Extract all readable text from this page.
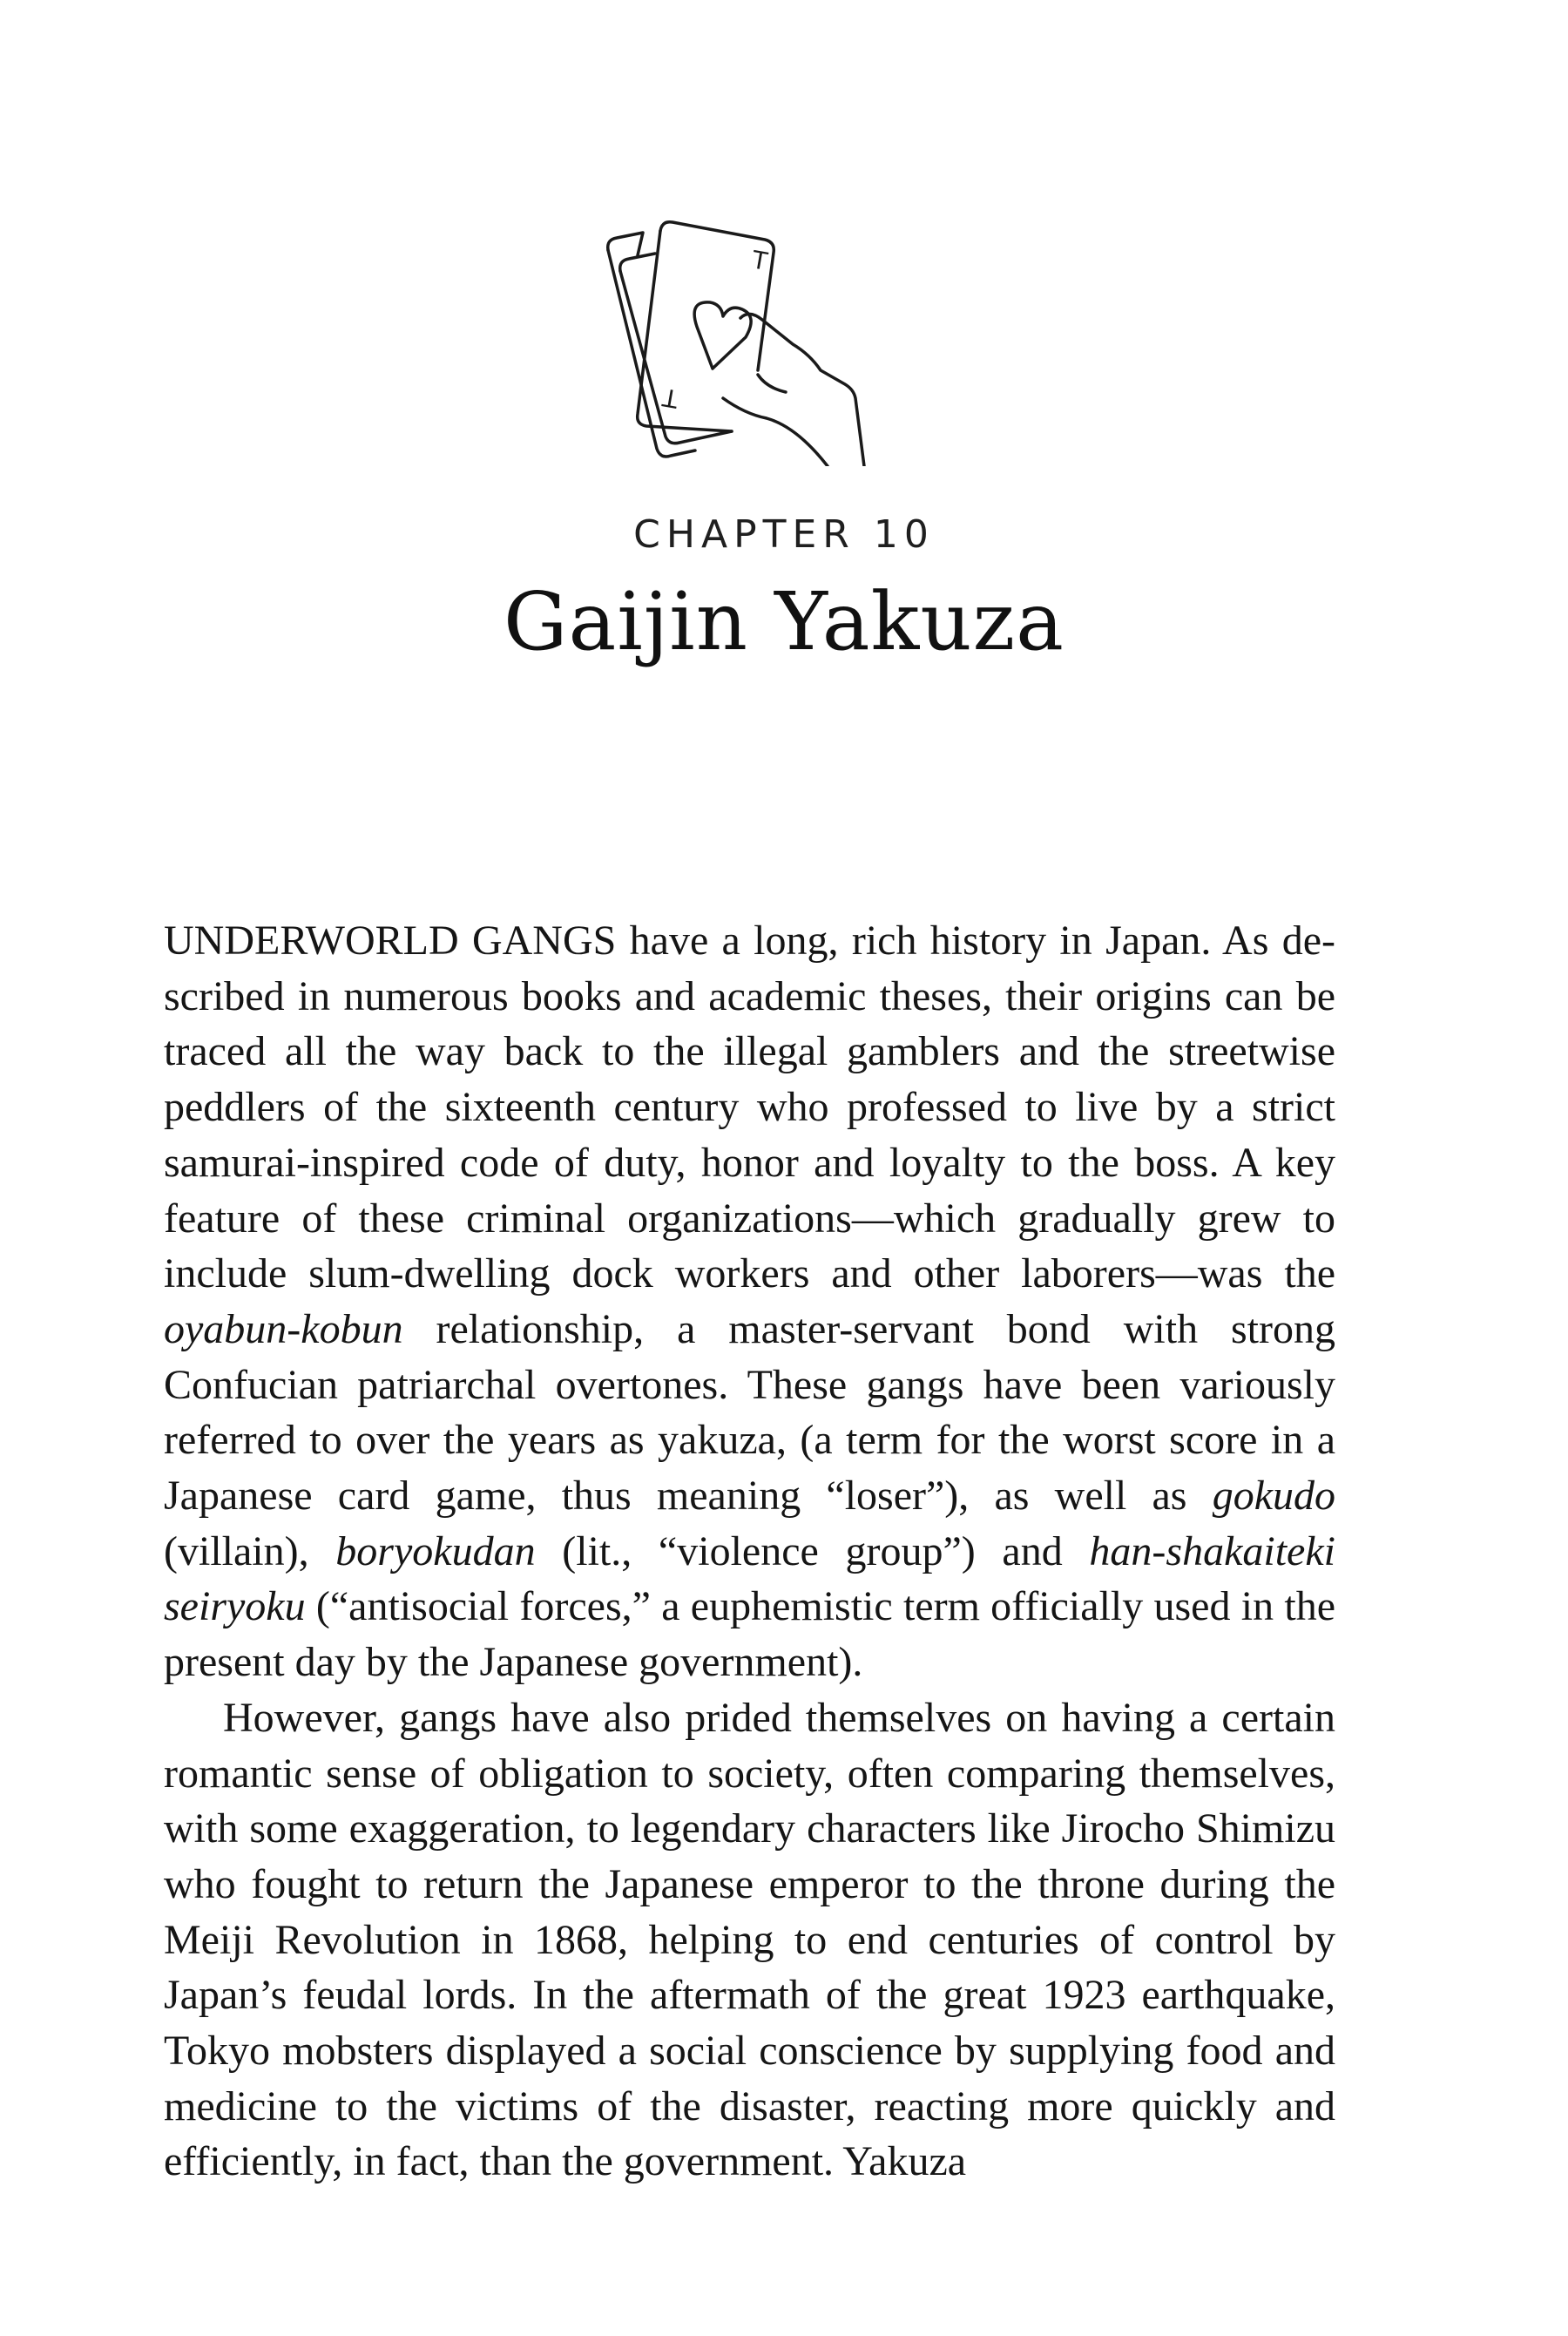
T
T
CHAPTER 10
Gaijin Yakuza

UNDERWORLD GANGS have a long, rich history in Japan. As described in numerous books and academic theses, their origins can be traced all the way back to the illegal gamblers and the streetwise peddlers of the sixteenth century who professed to live by a strict samurai-inspired code of duty, honor and loyalty to the boss. A key feature of these criminal organizations—which gradually grew to include slum-dwelling dock workers and other laborers—was the oyabun-kobun relationship, a master-servant bond with strong Confucian patriarchal overtones. These gangs have been variously referred to over the years as yakuza, (a term for the worst score in a Japanese card game, thus meaning “loser”), as well as gokudo (villain), boryokudan (lit., “violence group”) and han-shakaiteki seiryoku (“antisocial forces,” a euphemistic term officially used in the present day by the Japanese government).

However, gangs have also prided themselves on having a certain romantic sense of obligation to society, often comparing themselves, with some exaggeration, to legendary characters like Jirocho Shimizu who fought to return the Japanese emperor to the throne during the Meiji Revolution in 1868, helping to end centuries of control by Japan’s feudal lords. In the aftermath of the great 1923 earthquake, Tokyo mobsters displayed a social conscience by supplying food and medicine to the victims of the disaster, reacting more quickly and efficiently, in fact, than the government. Yakuza
